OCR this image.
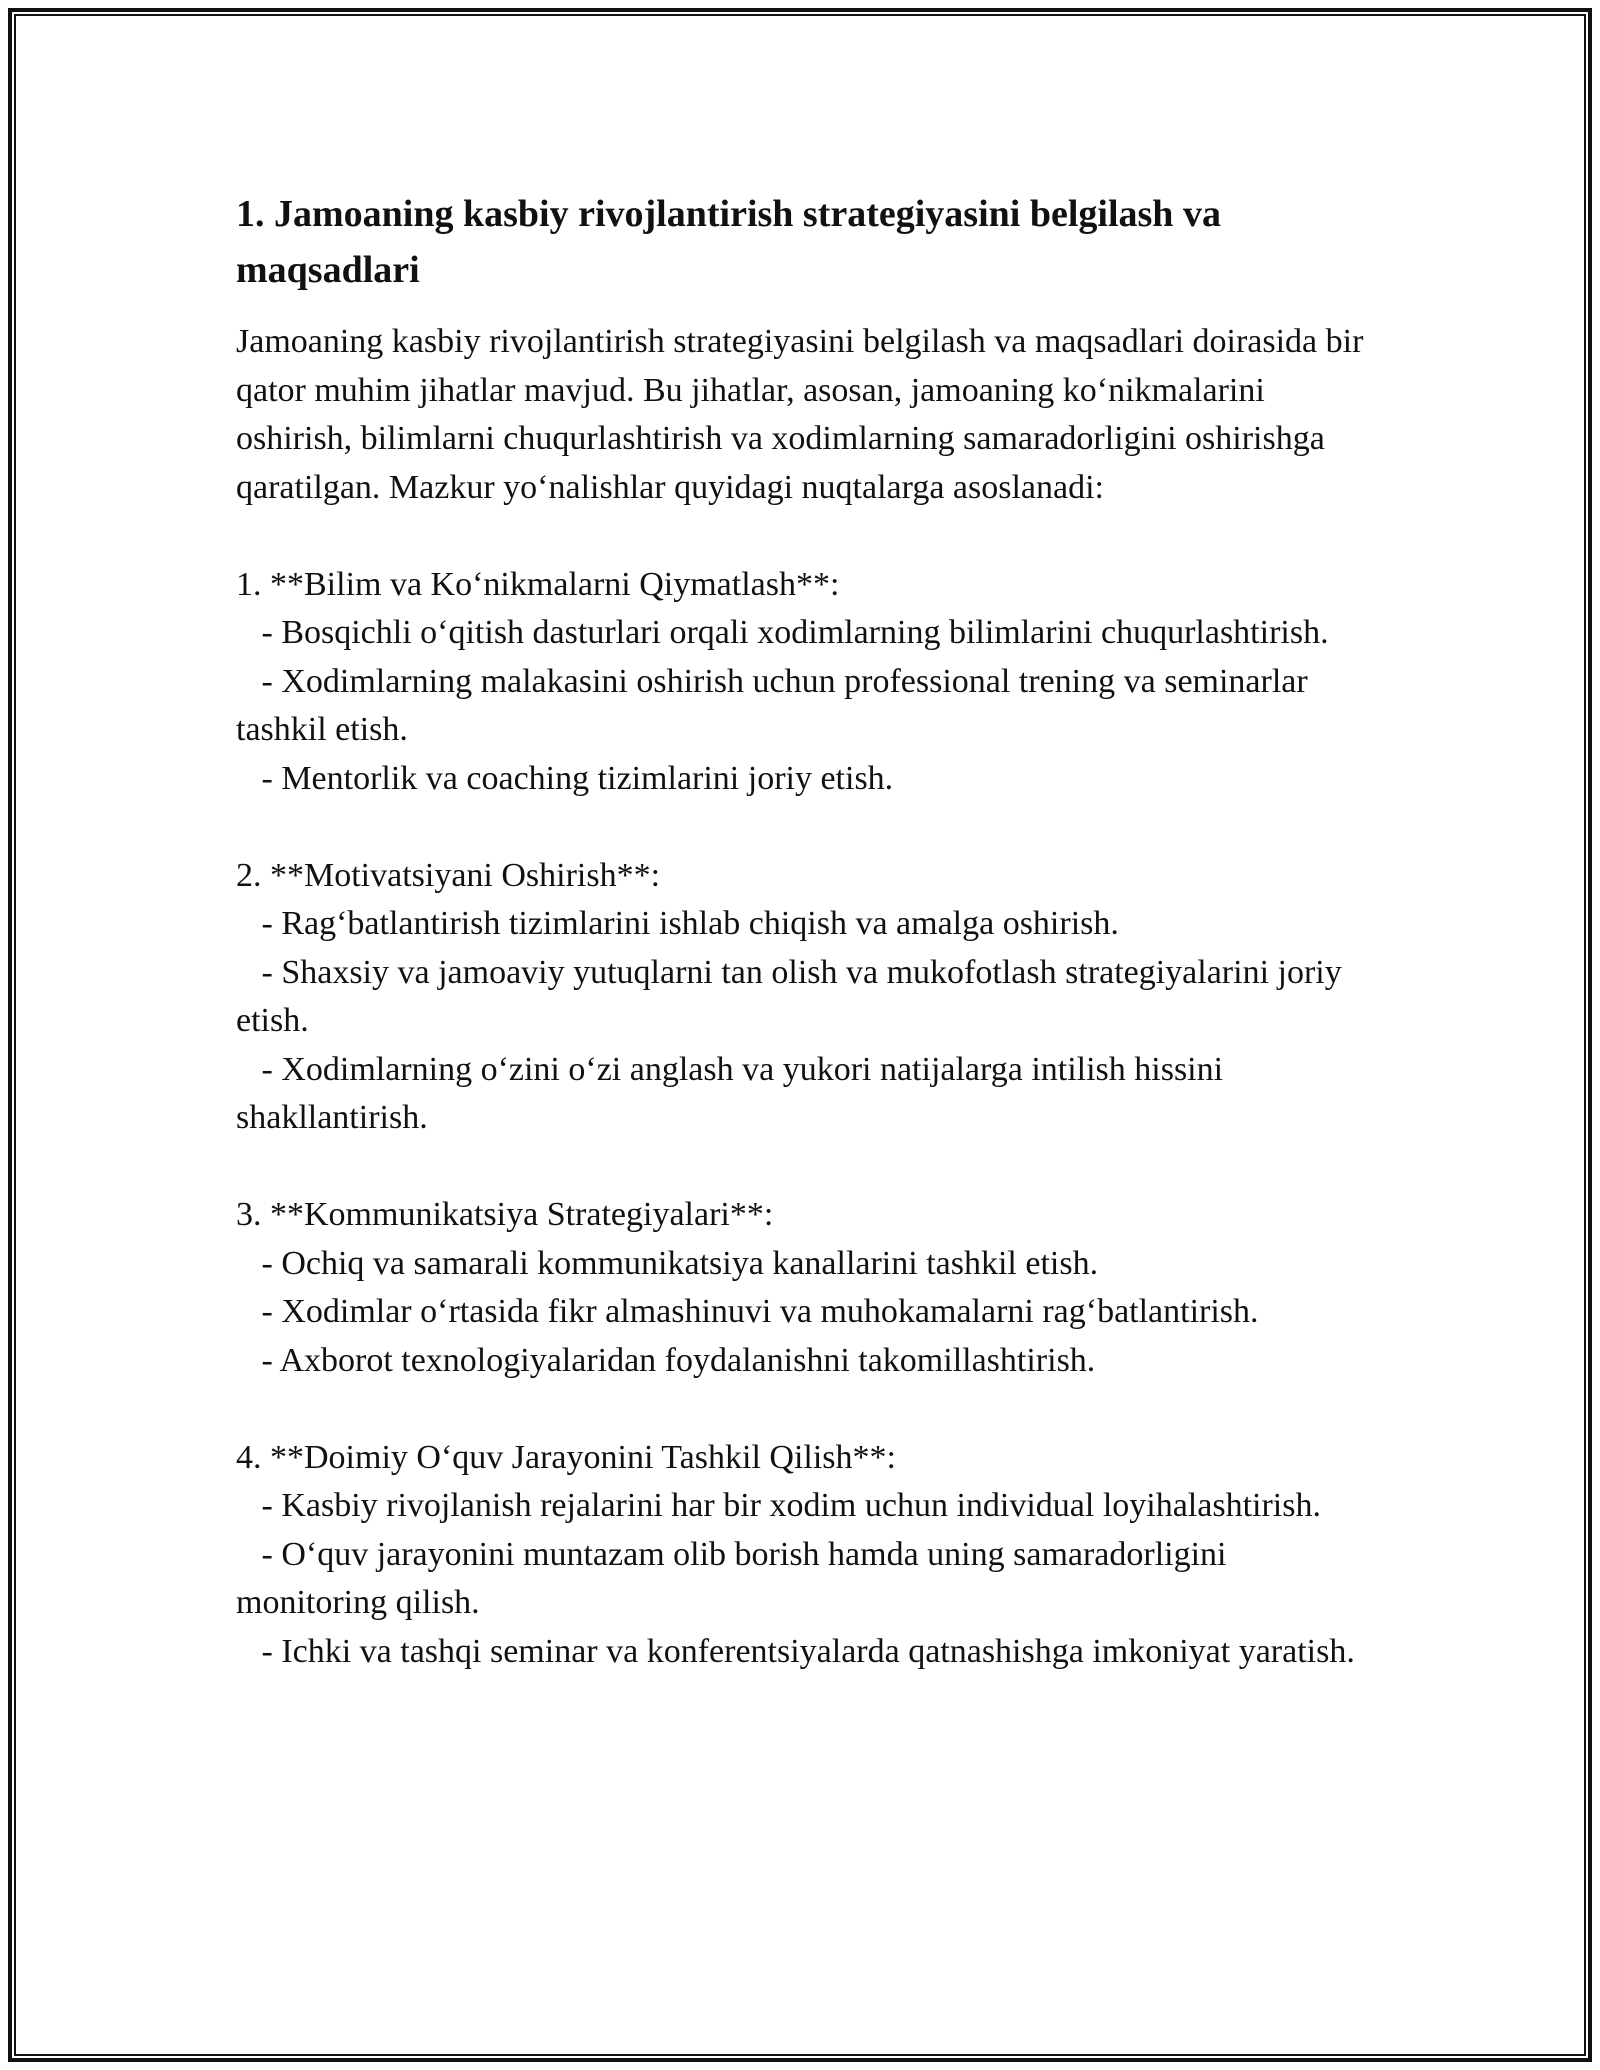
1. Jamoaning kasbiy rivojlantirish strategiyasini belgilash va maqsadlari

Jamoaning kasbiy rivojlantirish strategiyasini belgilash va maqsadlari doirasida bir qator muhim jihatlar mavjud. Bu jihatlar, asosan, jamoaning ko‘nikmalarini oshirish, bilimlarni chuqurlashtirish va xodimlarning samaradorligini oshirishga qaratilgan. Mazkur yo‘nalishlar quyidagi nuqtalarga asoslanadi:

1. **Bilim va Ko‘nikmalarni Qiymatlash**:
- Bosqichli o‘qitish dasturlari orqali xodimlarning bilimlarini chuqurlashtirish.
- Xodimlarning malakasini oshirish uchun professional trening va seminarlar tashkil etish.
- Mentorlik va coaching tizimlarini joriy etish.
2. **Motivatsiyani Oshirish**:
- Rag‘batlantirish tizimlarini ishlab chiqish va amalga oshirish.
- Shaxsiy va jamoaviy yutuqlarni tan olish va mukofotlash strategiyalarini joriy etish.
- Xodimlarning o‘zini o‘zi anglash va yukori natijalarga intilish hissini shakllantirish.
3. **Kommunikatsiya Strategiyalari**:
- Ochiq va samarali kommunikatsiya kanallarini tashkil etish.
- Xodimlar o‘rtasida fikr almashinuvi va muhokamalarni rag‘batlantirish.
- Axborot texnologiyalaridan foydalanishni takomillashtirish.
4. **Doimiy O‘quv Jarayonini Tashkil Qilish**:
- Kasbiy rivojlanish rejalarini har bir xodim uchun individual loyihalashtirish.
- O‘quv jarayonini muntazam olib borish hamda uning samaradorligini monitoring qilish.
- Ichki va tashqi seminar va konferentsiyalarda qatnashishga imkoniyat yaratish.
